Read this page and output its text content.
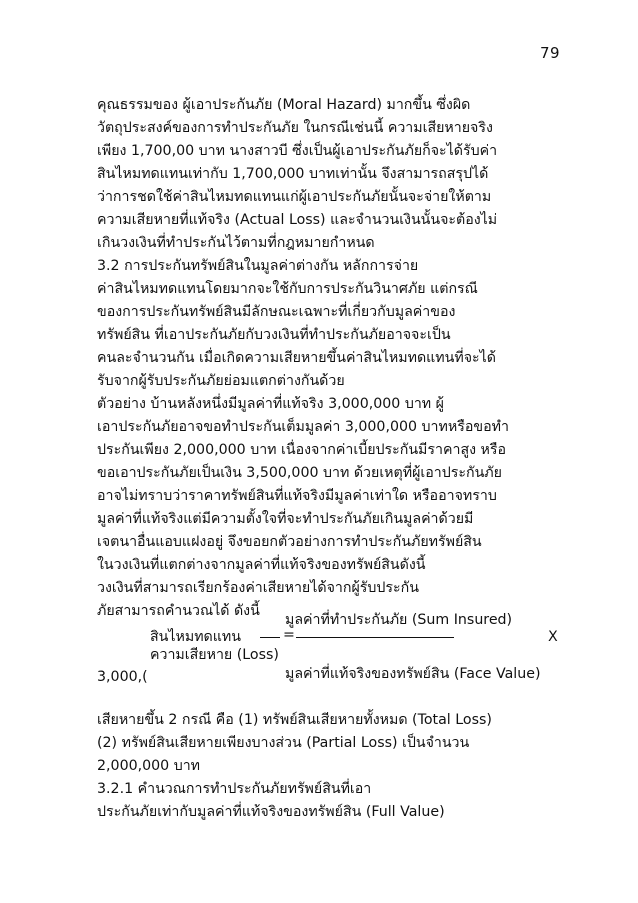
79
คุณธรรมของ ผู้เอาประกันภัย (Moral Hazard) มากขึ้น ซึ่งผิด
วัตถุประสงค์ของการทำประกันภัย ในกรณีเช่นนี้ ความเสียหายจริง
เพียง 1,700,00 บาท นางสาวบี ซึ่งเป็นผู้เอาประกันภัยก็จะได้รับค่า
สินไหมทดแทนเท่ากับ 1,700,000 บาทเท่านั้น จึงสามารถสรุปได้
ว่าการชดใช้ค่าสินไหมทดแทนแก่ผู้เอาประกันภัยนั้นจะจ่ายให้ตาม
ความเสียหายที่แท้จริง (Actual Loss) และจำนวนเงินนั้นจะต้องไม่
เกินวงเงินที่ทำประกันไว้ตามที่กฎหมายกำหนด
3.2 การประกันทรัพย์สินในมูลค่าต่างกัน หลักการจ่าย
ค่าสินไหมทดแทนโดยมากจะใช้กับการประกันวินาศภัย แต่กรณี
ของการประกันทรัพย์สินมีลักษณะเฉพาะที่เกี่ยวกับมูลค่าของ
ทรัพย์สิน ที่เอาประกันภัยกับวงเงินที่ทำประกันภัยอาจจะเป็น
คนละจำนวนกัน เมื่อเกิดความเสียหายขึ้นค่าสินไหมทดแทนที่จะได้
รับจากผู้รับประกันภัยย่อมแตกต่างกันด้วย
ตัวอย่าง บ้านหลังหนึ่งมีมูลค่าที่แท้จริง 3,000,000 บาท ผู้
เอาประกันภัยอาจขอทำประกันเต็มมูลค่า 3,000,000 บาทหรือขอทำ
ประกันเพียง 2,000,000 บาท เนื่องจากค่าเบี้ยประกันมีราคาสูง หรือ
ขอเอาประกันภัยเป็นเงิน 3,500,000 บาท ด้วยเหตุที่ผู้เอาประกันภัย
อาจไม่ทราบว่าราคาทรัพย์สินที่แท้จริงมีมูลค่าเท่าใด หรืออาจทราบ
มูลค่าที่แท้จริงแต่มีความตั้งใจที่จะทำประกันภัยเกินมูลค่าด้วยมี
เจตนาอื่นแอบแฝงอยู่ จึงขอยกตัวอย่างการทำประกันภัยทรัพย์สิน
ในวงเงินที่แตกต่างจากมูลค่าที่แท้จริงของทรัพย์สินดังนี้
วงเงินที่สามารถเรียกร้องค่าเสียหายได้จากผู้รับประกัน
ภัยสามารถคำนวณได้ ดังนี้
มูลค่าที่ทำประกันภัย (Sum Insured)
สินไหมทดแทน	=	X
ความเสียหาย (Loss)
3,000,(	มูลค่าที่แท้จริงของทรัพย์สิน (Face Value)
เสียหายขึ้น 2 กรณี คือ (1) ทรัพย์สินเสียหายทั้งหมด (Total Loss)
(2) ทรัพย์สินเสียหายเพียงบางส่วน (Partial Loss) เป็นจำนวน
2,000,000 บาท
3.2.1 คำนวณการทำประกันภัยทรัพย์สินที่เอา
ประกันภัยเท่ากับมูลค่าที่แท้จริงของทรัพย์สิน (Full Value)
